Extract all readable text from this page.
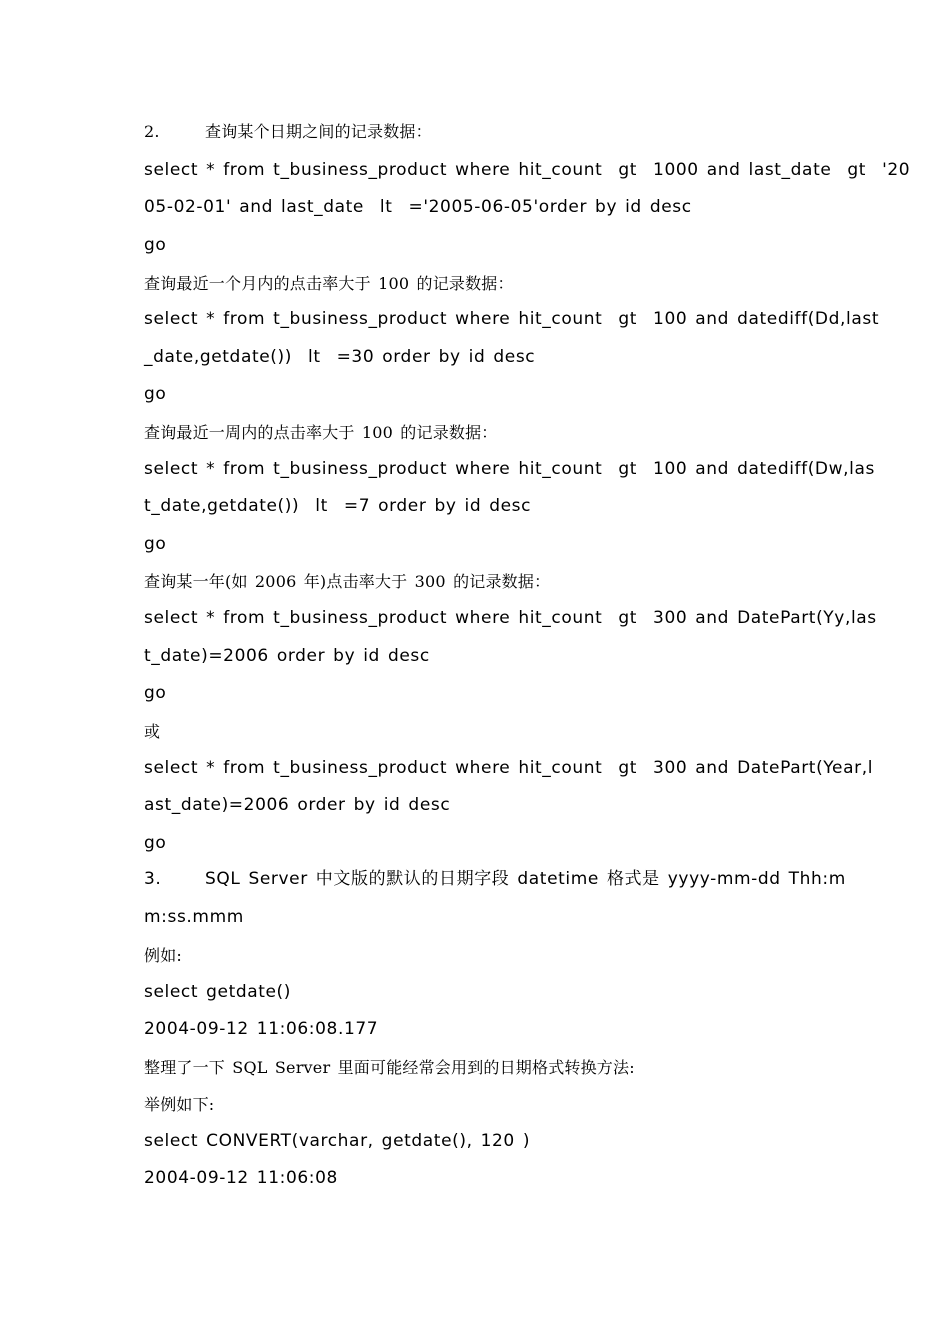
2.	查询某个日期之间的记录数据：
select * from t_business_product where hit_count  gt  1000 and last_date  gt  '20
05-02-01' and last_date  lt  ='2005-06-05'order by id desc
go
查询最近一个月内的点击率大于 100 的记录数据：
select * from t_business_product where hit_count  gt  100 and datediff(Dd,last
_date,getdate())  lt  =30 order by id desc
go
查询最近一周内的点击率大于 100 的记录数据：
select * from t_business_product where hit_count  gt  100 and datediff(Dw,las
t_date,getdate())  lt  =7 order by id desc
go
查询某一年(如 2006 年)点击率大于 300 的记录数据：
select * from t_business_product where hit_count  gt  300 and DatePart(Yy,las
t_date)=2006 order by id desc
go
或
select * from t_business_product where hit_count  gt  300 and DatePart(Year,l
ast_date)=2006 order by id desc
go
3.	SQL Server 中文版的默认的日期字段 datetime 格式是 yyyy-mm-dd Thh:m
m:ss.mmm
例如:
select getdate()
2004-09-12 11:06:08.177
整理了一下 SQL Server 里面可能经常会用到的日期格式转换方法:
举例如下:
select CONVERT(varchar, getdate(), 120 )
2004-09-12 11:06:08
